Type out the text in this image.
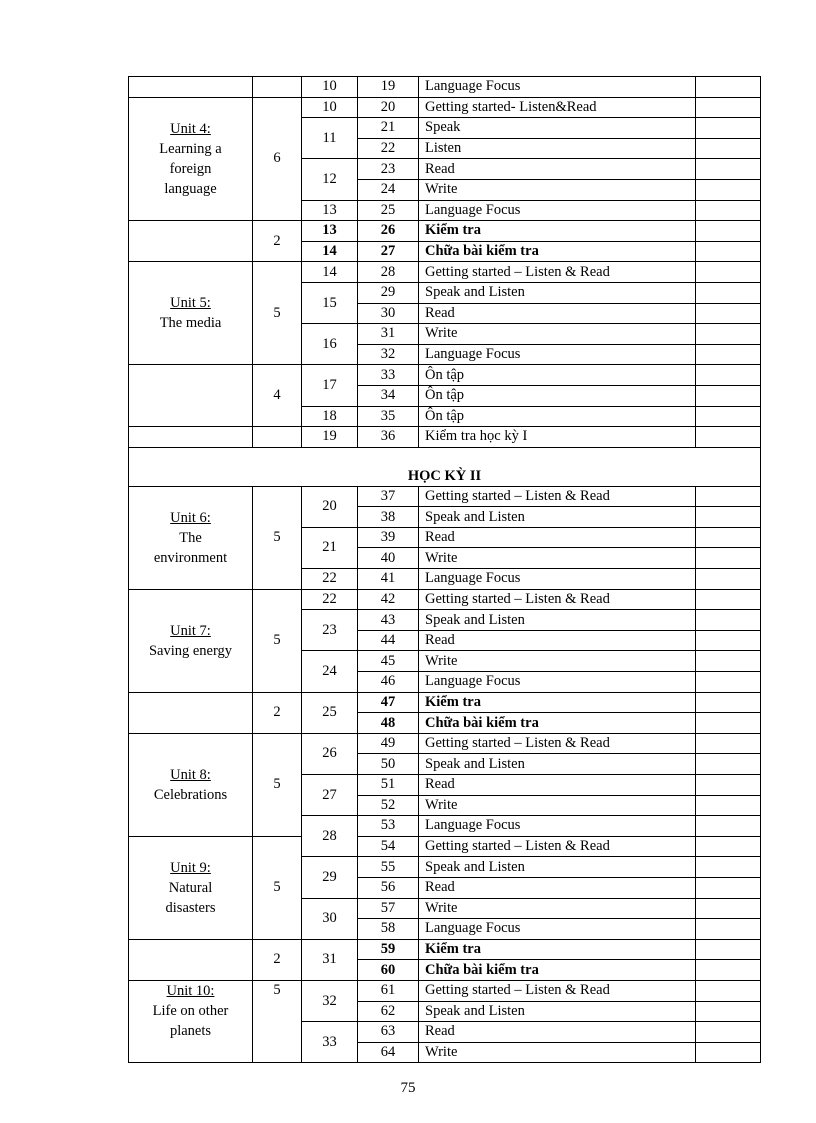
		10	19	Language Focus	

Unit 4:
Learning a
foreign
language	6	10	20	Getting started- Listen&Read	
		11	21	Speak	
			22	Listen	
		12	23	Read	
			24	Write	
		13	25	Language Focus	
	2	13	26	Kiểm tra	
		14	27	Chữa bài kiểm tra	

Unit 5:
The media	5	14	28	Getting started – Listen & Read	
		15	29	Speak and Listen	
			30	Read	
		16	31	Write	
			32	Language Focus	
	4	17	33	Ôn tập	
			34	Ôn tập	
		18	35	Ôn tập	
		19	36	Kiểm tra học kỳ I	
HỌC KỲ II					

Unit 6:
The
environment	5	20	37	Getting started – Listen & Read	
			38	Speak and Listen	
		21	39	Read	
			40	Write	
		22	41	Language Focus	

Unit 7:
Saving energy	5	22	42	Getting started – Listen & Read	
		23	43	Speak and Listen	
			44	Read	
		24	45	Write	
			46	Language Focus	
	2	25	47	Kiểm tra	
			48	Chữa bài kiểm tra	

Unit 8:
Celebrations	5	26	49	Getting started – Listen & Read	
			50	Speak and Listen	
		27	51	Read	
			52	Write	
		28	53	Language Focus	

Unit 9:
Natural
disasters	5		54	Getting started – Listen & Read	
		29	55	Speak and Listen	
			56	Read	
		30	57	Write	
			58	Language Focus	
	2	31	59	Kiểm tra	
			60	Chữa bài kiểm tra	

Unit 10:
Life on other
planets	5	32	61	Getting started – Listen & Read	
			62	Speak and Listen	
		33	63	Read	
			64	Write	
75
